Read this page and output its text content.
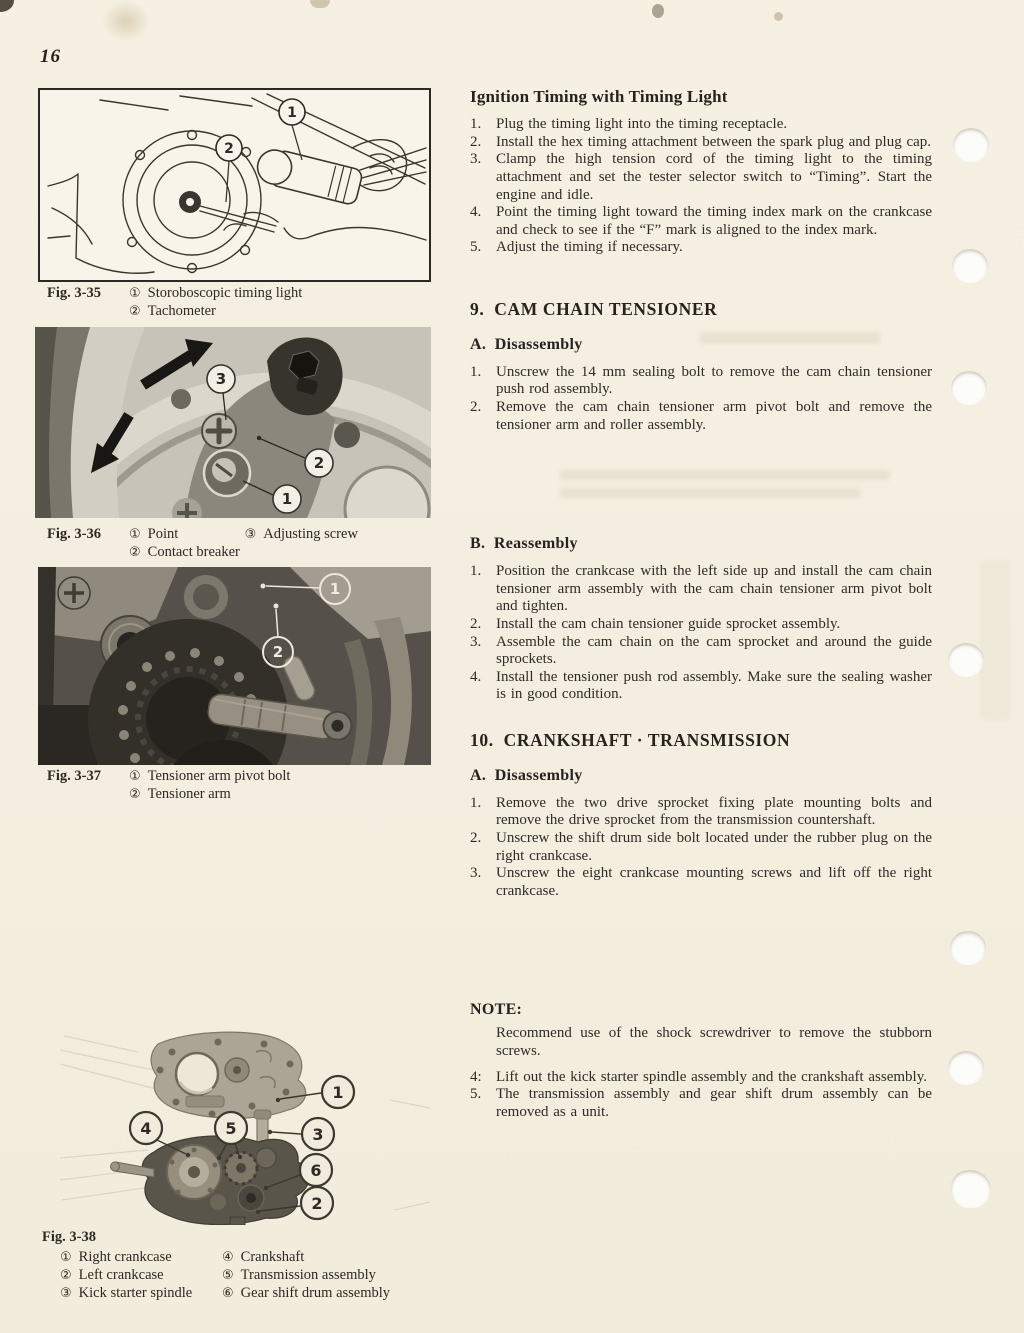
16
1
2
Fig. 3-35	① Storoboscopic timing light
② Tachometer
3
2
1
Fig. 3-36	① Point	③ Adjusting screw
② Contact breaker
1
2
Fig. 3-37	① Tensioner arm pivot bolt
② Tensioner arm
1
4	5	3
6
2
Fig. 3-38
① Right crankcase
② Left crankcase
③ Kick starter spindle
④ Crankshaft
⑤ Transmission assembly
⑥ Gear shift drum assembly
Ignition Timing with Timing Light
1. Plug the timing light into the timing receptacle.
2. Install the hex timing attachment between the spark plug and plug cap.
3. Clamp the high tension cord of the timing light to the timing attachment and set the tester selector switch to “Timing”. Start the engine and idle.
4. Point the timing light toward the timing index mark on the crankcase and check to see if the “F” mark is aligned to the index mark.
5. Adjust the timing if necessary.
9.  CAM CHAIN TENSIONER
A.  Disassembly
1. Unscrew the 14 mm sealing bolt to remove the cam chain tensioner push rod assembly.
2. Remove the cam chain tensioner arm pivot bolt and remove the tensioner arm and roller assembly.
B.  Reassembly
1. Position the crankcase with the left side up and install the cam chain tensioner arm assembly with the cam chain tensioner arm pivot bolt and tighten.
2. Install the cam chain tensioner guide sprocket assembly.
3. Assemble the cam chain on the cam sprocket and around the guide sprockets.
4. Install the tensioner push rod assembly. Make sure the sealing washer is in good condition.
10.  CRANKSHAFT · TRANSMISSION
A.  Disassembly
1. Remove the two drive sprocket fixing plate mounting bolts and remove the drive sprocket from the transmission countershaft.
2. Unscrew the shift drum side bolt located under the rubber plug on the right crankcase.
3. Unscrew the eight crankcase mounting screws and lift off the right crankcase.
NOTE:
Recommend use of the shock screwdriver to remove the stubborn screws.
4: Lift out the kick starter spindle assembly and the crankshaft assembly.
5. The transmission assembly and gear shift drum assembly can be removed as a unit.
